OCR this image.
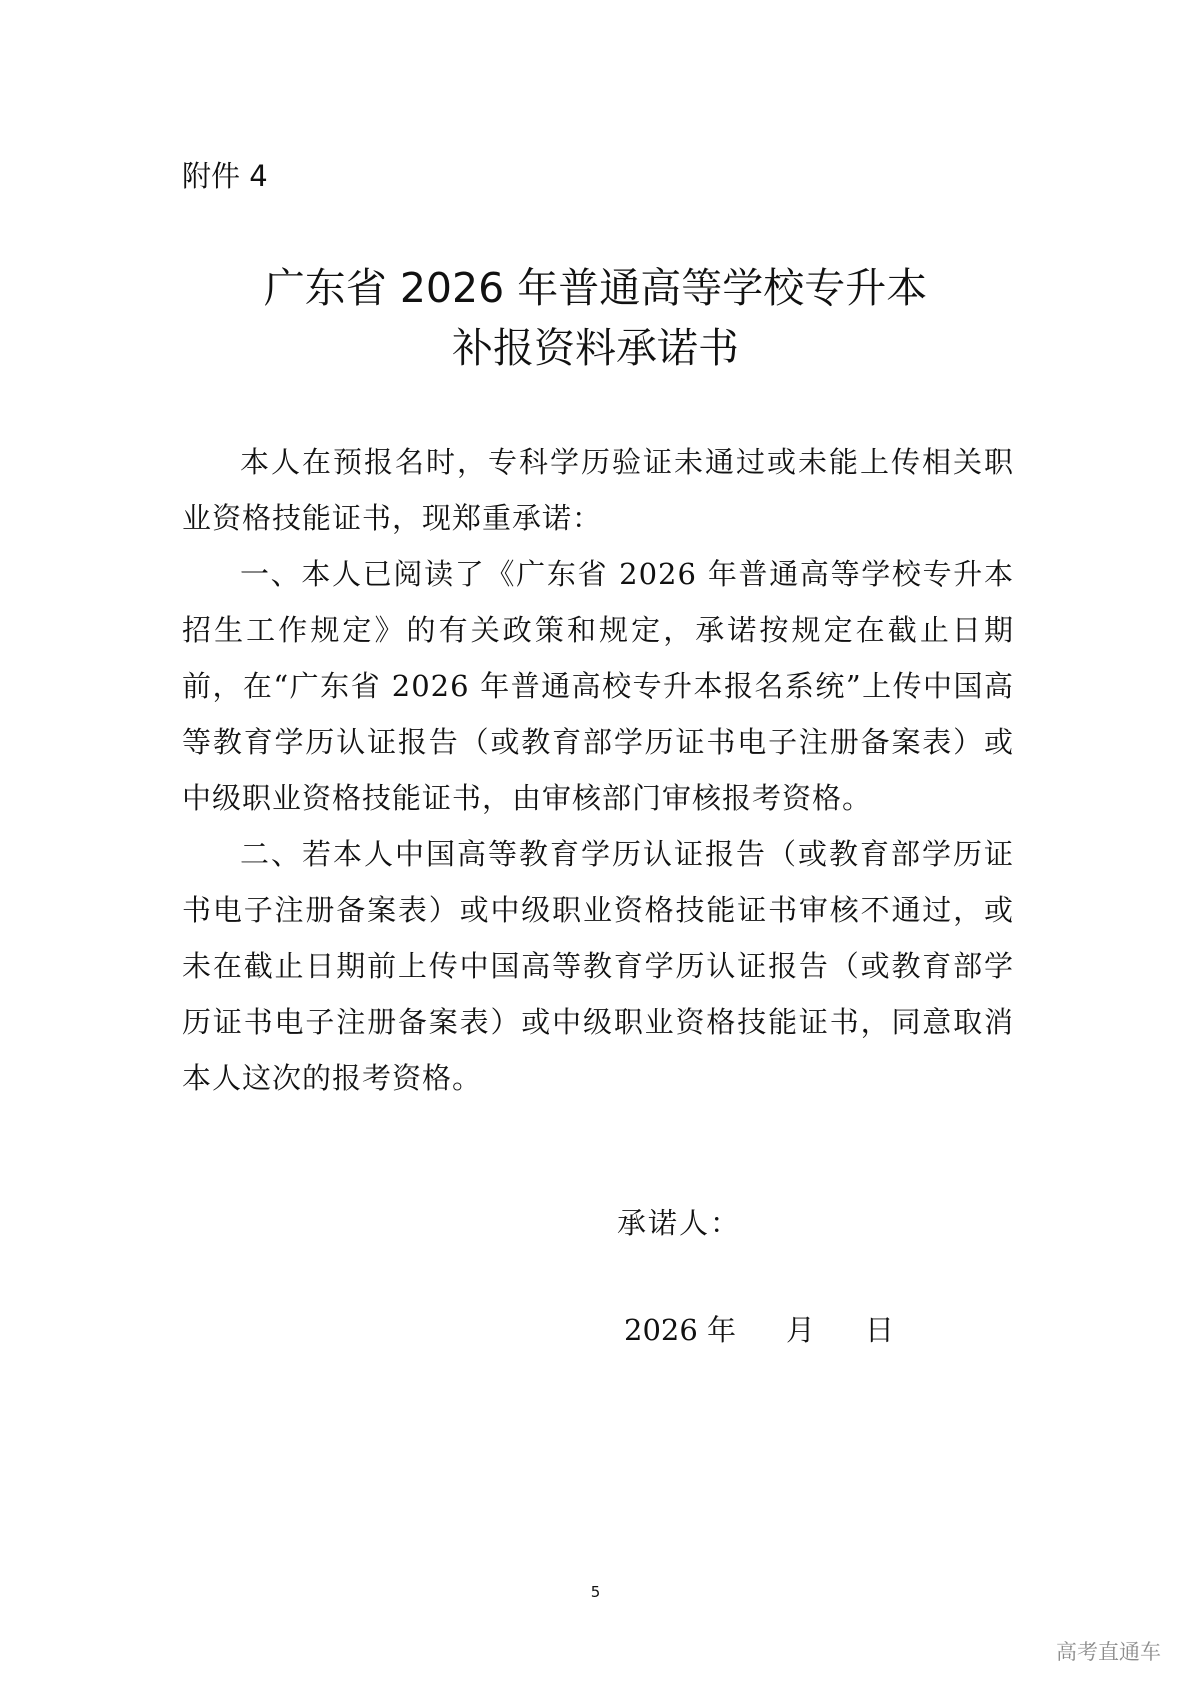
附件 4
广东省 2026 年普通高等学校专升本
补报资料承诺书

本人在预报名时，专科学历验证未通过或未能上传相关职业资格技能证书，现郑重承诺：

一、本人已阅读了《广东省 2026 年普通高等学校专升本招生工作规定》的有关政策和规定，承诺按规定在截止日期前，在“广东省 2026 年普通高校专升本报名系统”上传中国高等教育学历认证报告（或教育部学历证书电子注册备案表）或中级职业资格技能证书，由审核部门审核报考资格。

二、若本人中国高等教育学历认证报告（或教育部学历证书电子注册备案表）或中级职业资格技能证书审核不通过，或未在截止日期前上传中国高等教育学历认证报告（或教育部学历证书电子注册备案表）或中级职业资格技能证书，同意取消本人这次的报考资格。

承诺人：
2026 年 月 日
5
高考直通车
